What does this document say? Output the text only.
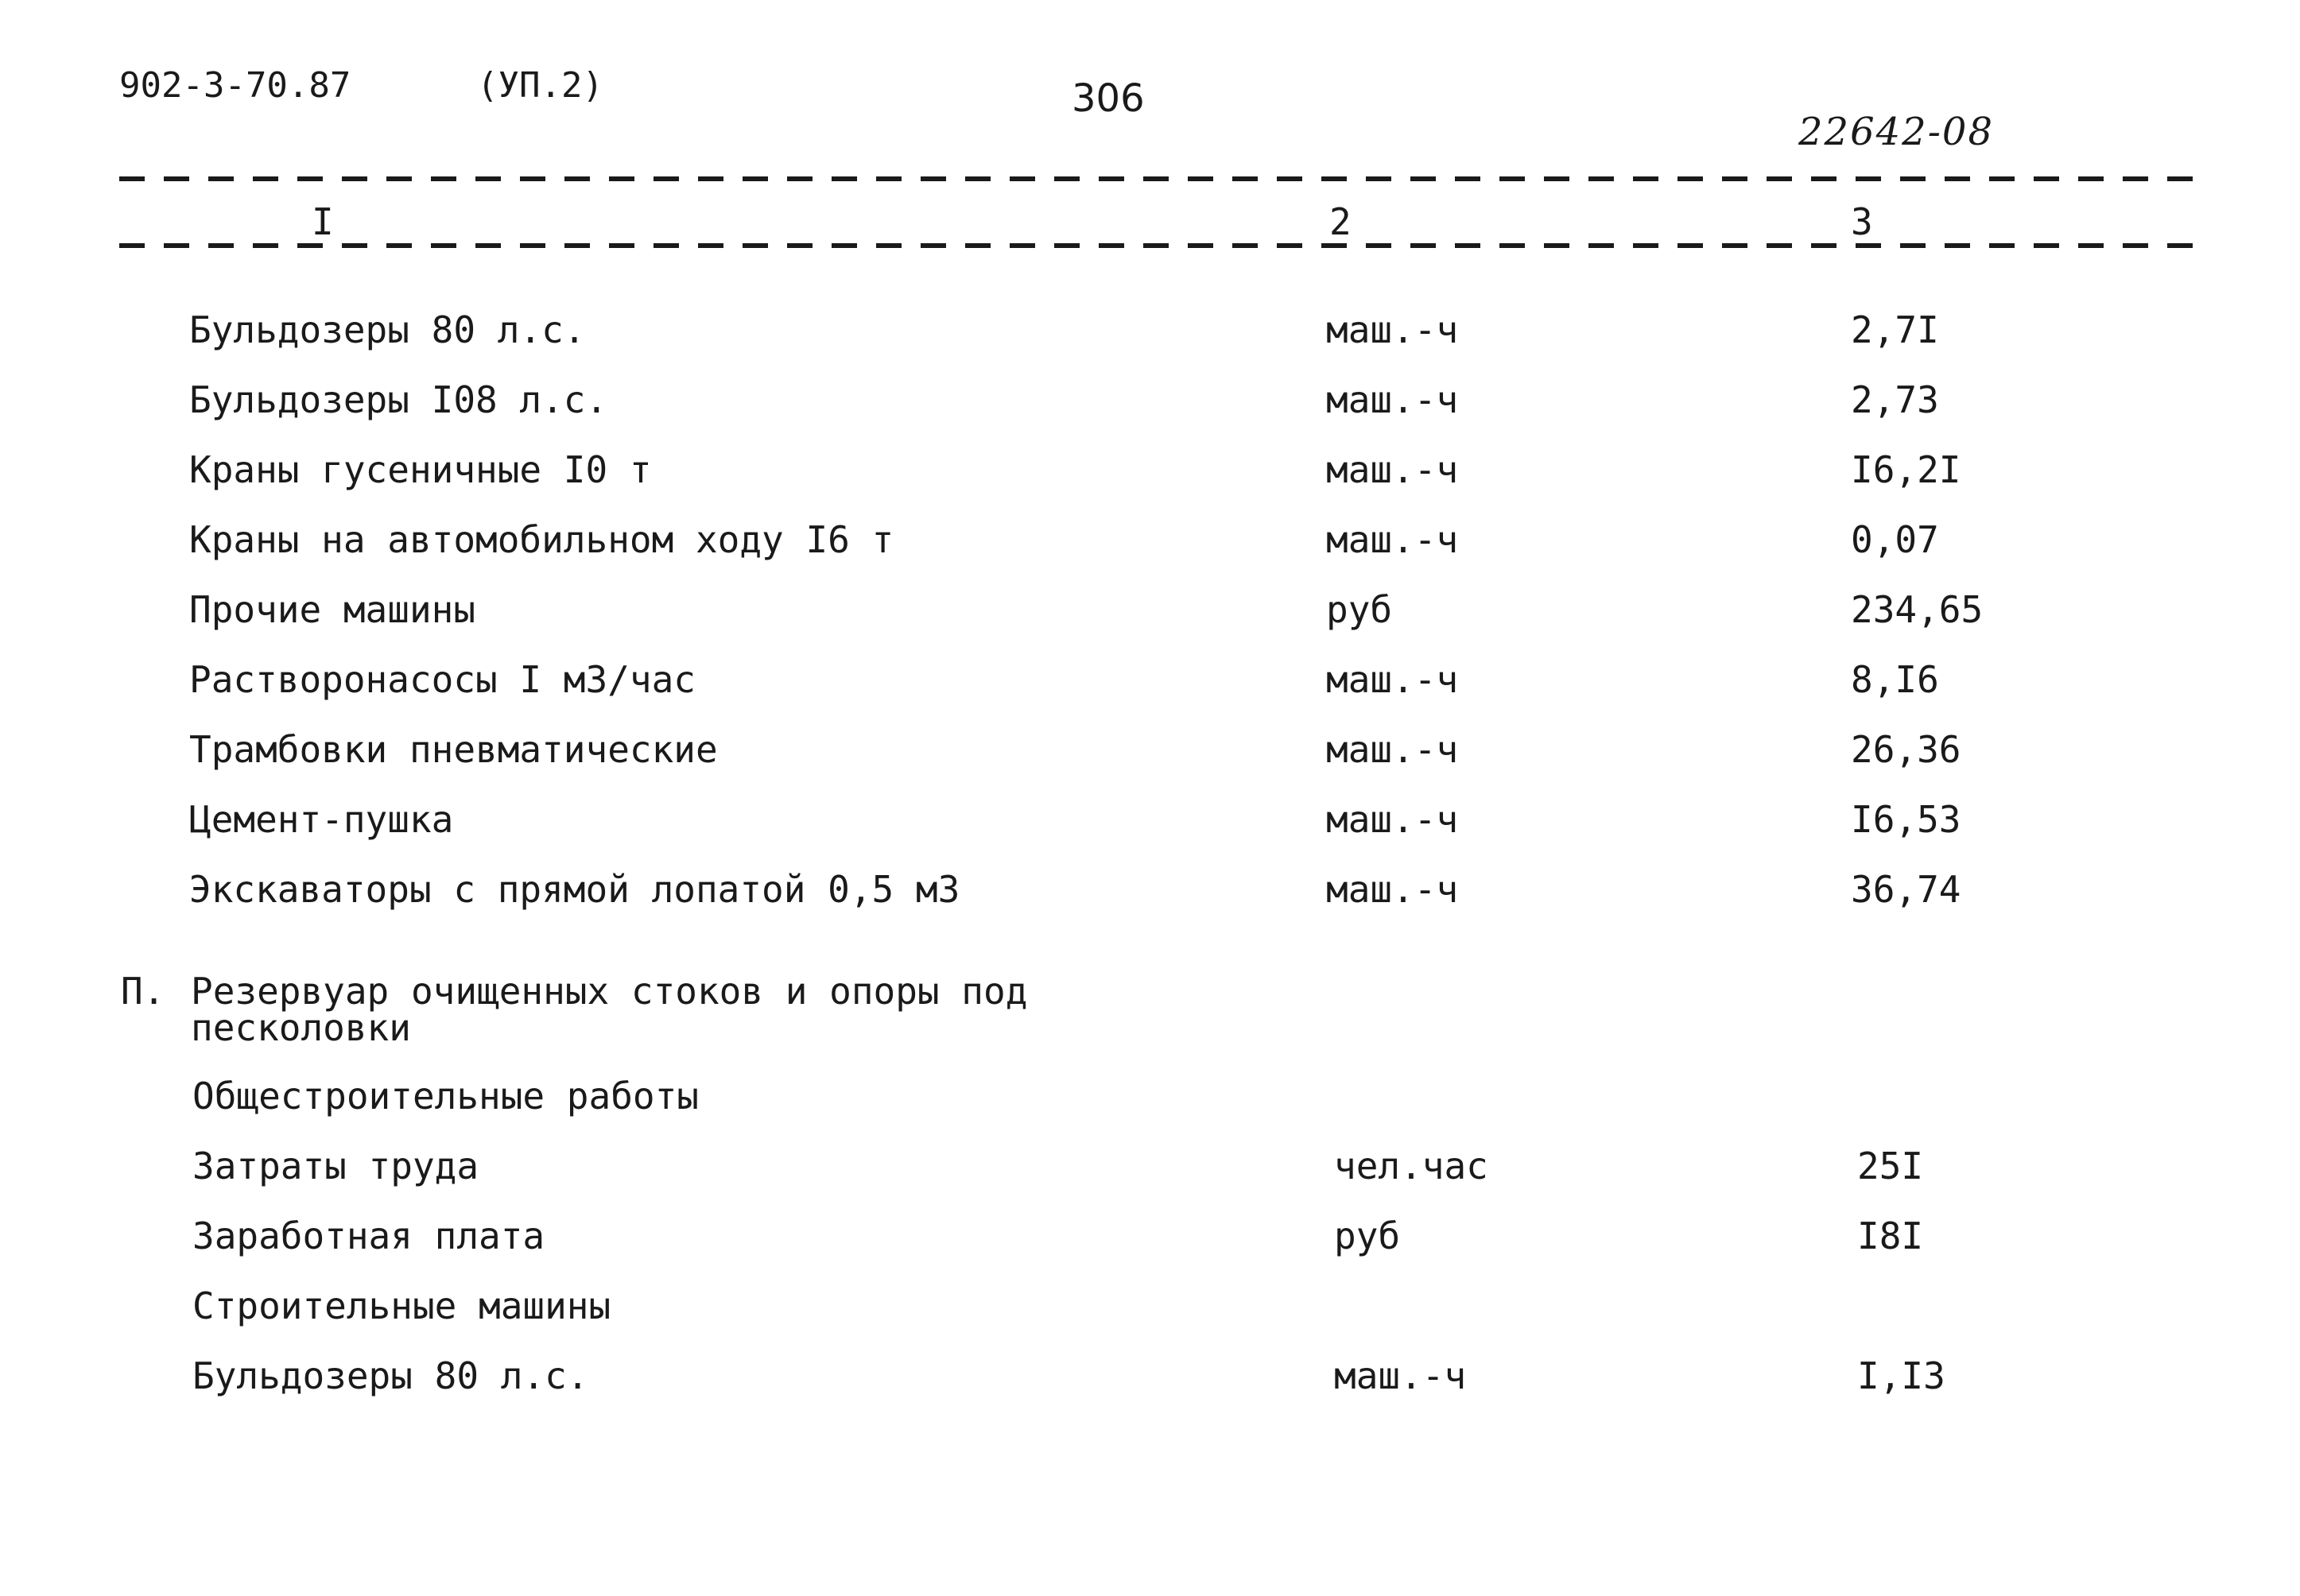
902-3-70.87	(УП.2)	306
22642-08
I	2	3
Бульдозеры 80 л.с.	маш.-ч	2,7I
Бульдозеры I08 л.с.	маш.-ч	2,73
Краны гусеничные I0 т	маш.-ч	I6,2I
Краны на автомобильном ходу I6 т	маш.-ч	0,07
Прочие машины	руб	234,65
Растворонасосы I м3/час	маш.-ч	8,I6
Трамбовки пневматические	маш.-ч	26,36
Цемент-пушка	маш.-ч	I6,53
Экскаваторы с прямой лопатой 0,5 м3	маш.-ч	36,74
П. Резервуар очищенных стоков и опоры под
песколовки
Общестроительные работы
Затраты труда	чел.час	25I
Заработная плата	руб	I8I
Строительные машины
Бульдозеры 80 л.с.	маш.-ч	I,I3
